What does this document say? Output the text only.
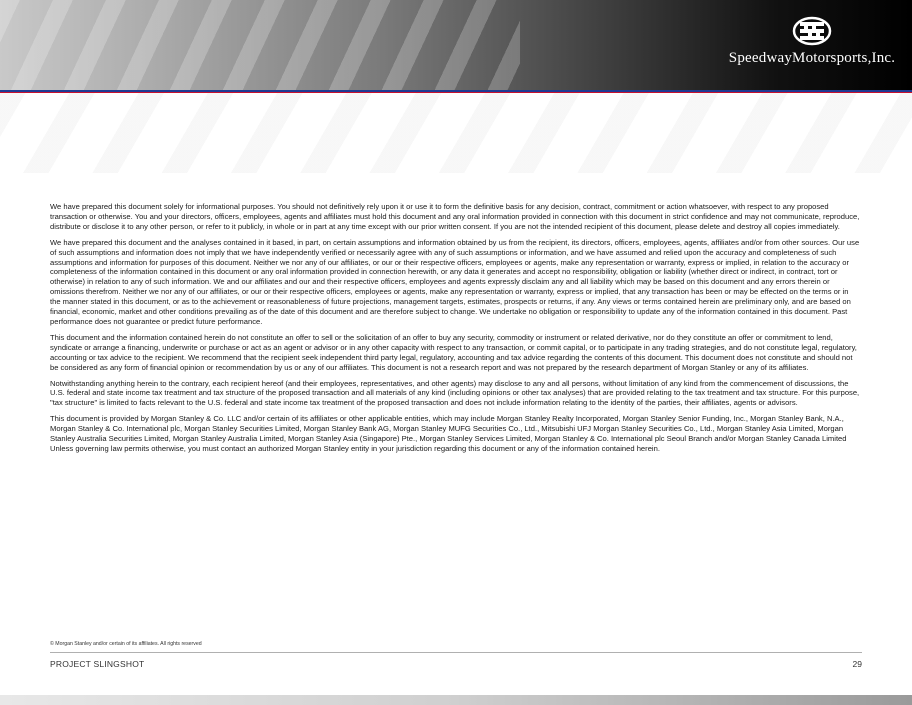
SpeedwayMotorsports,Inc.

We have prepared this document solely for informational purposes. You should not definitively rely upon it or use it to form the definitive basis for any decision, contract, commitment or action whatsoever, with respect to any proposed transaction or otherwise. You and your directors, officers, employees, agents and affiliates must hold this document and any oral information provided in connection with this document in strict confidence and may not communicate, reproduce, distribute or disclose it to any other person, or refer to it publicly, in whole or in part at any time except with our prior written consent. If you are not the intended recipient of this document, please delete and destroy all copies immediately.

We have prepared this document and the analyses contained in it based, in part, on certain assumptions and information obtained by us from the recipient, its directors, officers, employees, agents, affiliates and/or from other sources. Our use of such assumptions and information does not imply that we have independently verified or necessarily agree with any of such assumptions or information, and we have assumed and relied upon the accuracy and completeness of such assumptions and information for purposes of this document. Neither we nor any of our affiliates, or our or their respective officers, employees or agents, make any representation or warranty, express or implied, in relation to the accuracy or completeness of the information contained in this document or any oral information provided in connection herewith, or any data it generates and accept no responsibility, obligation or liability (whether direct or indirect, in contract, tort or otherwise) in relation to any of such information. We and our affiliates and our and their respective officers, employees and agents expressly disclaim any and all liability which may be based on this document and any errors therein or omissions therefrom. Neither we nor any of our affiliates, or our or their respective officers, employees or agents, make any representation or warranty, express or implied, that any transaction has been or may be effected on the terms or in the manner stated in this document, or as to the achievement or reasonableness of future projections, management targets, estimates, prospects or returns, if any. Any views or terms contained herein are preliminary only, and are based on financial, economic, market and other conditions prevailing as of the date of this document and are therefore subject to change. We undertake no obligation or responsibility to update any of the information contained in this document. Past performance does not guarantee or predict future performance.

This document and the information contained herein do not constitute an offer to sell or the solicitation of an offer to buy any security, commodity or instrument or related derivative, nor do they constitute an offer or commitment to lend, syndicate or arrange a financing, underwrite or purchase or act as an agent or advisor or in any other capacity with respect to any transaction, or commit capital, or to participate in any trading strategies, and do not constitute legal, regulatory, accounting or tax advice to the recipient. We recommend that the recipient seek independent third party legal, regulatory, accounting and tax advice regarding the contents of this document. This document does not constitute and should not be considered as any form of financial opinion or recommendation by us or any of our affiliates. This document is not a research report and was not prepared by the research department of Morgan Stanley or any of its affiliates.

Notwithstanding anything herein to the contrary, each recipient hereof (and their employees, representatives, and other agents) may disclose to any and all persons, without limitation of any kind from the commencement of discussions, the U.S. federal and state income tax treatment and tax structure of the proposed transaction and all materials of any kind (including opinions or other tax analyses) that are provided relating to the tax treatment and tax structure. For this purpose, "tax structure" is limited to facts relevant to the U.S. federal and state income tax treatment of the proposed transaction and does not include information relating to the identity of the parties, their affiliates, agents or advisors.

This document is provided by Morgan Stanley & Co. LLC and/or certain of its affiliates or other applicable entities, which may include Morgan Stanley Realty Incorporated, Morgan Stanley Senior Funding, Inc., Morgan Stanley Bank, N.A., Morgan Stanley & Co. International plc, Morgan Stanley Securities Limited, Morgan Stanley Bank AG, Morgan Stanley MUFG Securities Co., Ltd., Mitsubishi UFJ Morgan Stanley Securities Co., Ltd., Morgan Stanley Asia Limited, Morgan Stanley Australia Securities Limited, Morgan Stanley Australia Limited, Morgan Stanley Asia (Singapore) Pte., Morgan Stanley Services Limited, Morgan Stanley & Co. International plc Seoul Branch and/or Morgan Stanley Canada Limited Unless governing law permits otherwise, you must contact an authorized Morgan Stanley entity in your jurisdiction regarding this document or any of the information contained herein.

© Morgan Stanley and/or certain of its affiliates. All rights reserved
PROJECT SLINGSHOT	29
